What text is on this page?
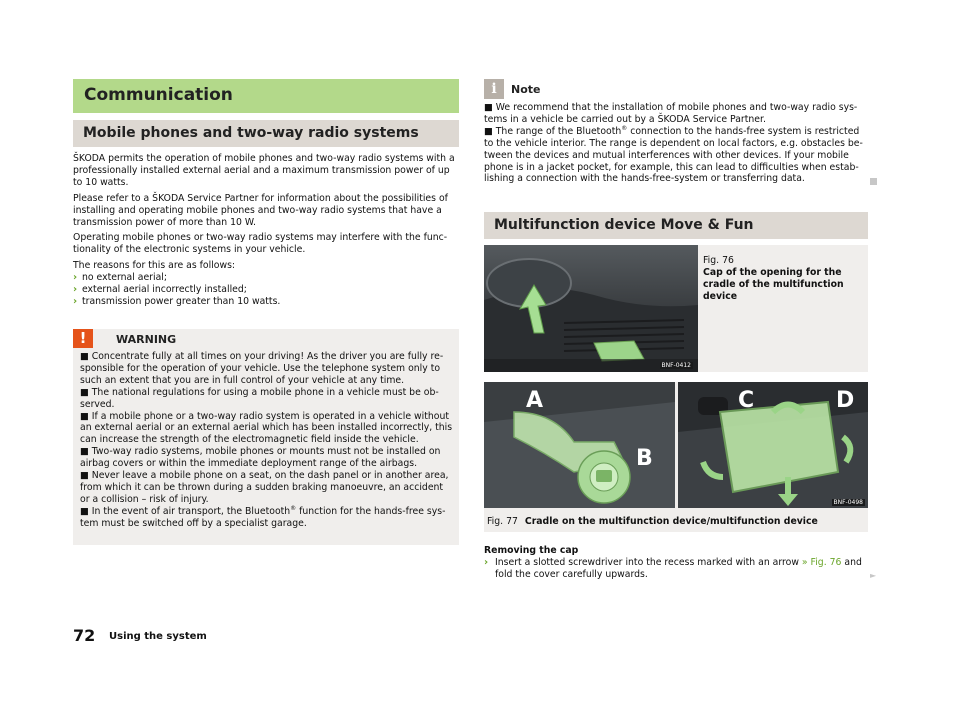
Communication
Mobile phones and two-way radio systems

ŠKODA permits the operation of mobile phones and two-way radio systems with a professionally installed external aerial and a maximum transmission power of up to 10 watts.

Please refer to a ŠKODA Service Partner for information about the possibilities of installing and operating mobile phones and two-way radio systems that have a transmission power of more than 10 W.

Operating mobile phones or two-way radio systems may interfere with the func-tionality of the electronic systems in your vehicle.

The reasons for this are as follows:

› no external aerial;
› external aerial incorrectly installed;
› transmission power greater than 10 watts.
!	WARNING
■ Concentrate fully at all times on your driving! As the driver you are fully re-sponsible for the operation of your vehicle. Use the telephone system only to such an extent that you are in full control of your vehicle at any time.
■ The national regulations for using a mobile phone in a vehicle must be ob-served.
■ If a mobile phone or a two-way radio system is operated in a vehicle without an external aerial or an external aerial which has been installed incorrectly, this can increase the strength of the electromagnetic field inside the vehicle.
■ Two-way radio systems, mobile phones or mounts must not be installed on airbag covers or within the immediate deployment range of the airbags.
■ Never leave a mobile phone on a seat, on the dash panel or in another area, from which it can be thrown during a sudden braking manoeuvre, an accident or a collision – risk of injury.
■ In the event of air transport, the Bluetooth® function for the hands-free sys-tem must be switched off by a specialist garage.
i	Note
■ We recommend that the installation of mobile phones and two-way radio sys-tems in a vehicle be carried out by a ŠKODA Service Partner.
■ The range of the Bluetooth® connection to the hands-free system is restricted to the vehicle interior. The range is dependent on local factors, e.g. obstacles be-tween the devices and mutual interferences with other devices. If your mobile phone is in a jacket pocket, for example, this can lead to difficulties when estab-lishing a connection with the hands-free-system or transferring data.
Multifunction device Move & Fun
BNF-0412
Fig. 76
Cap of the opening for the cradle of the multifunction device
A
B
C	D
BNF-0498
Fig. 77 Cradle on the multifunction device/multifunction device
Removing the cap
› Insert a slotted screwdriver into the recess marked with an arrow » Fig. 76 and fold the cover carefully upwards.	►
72 Using the system
